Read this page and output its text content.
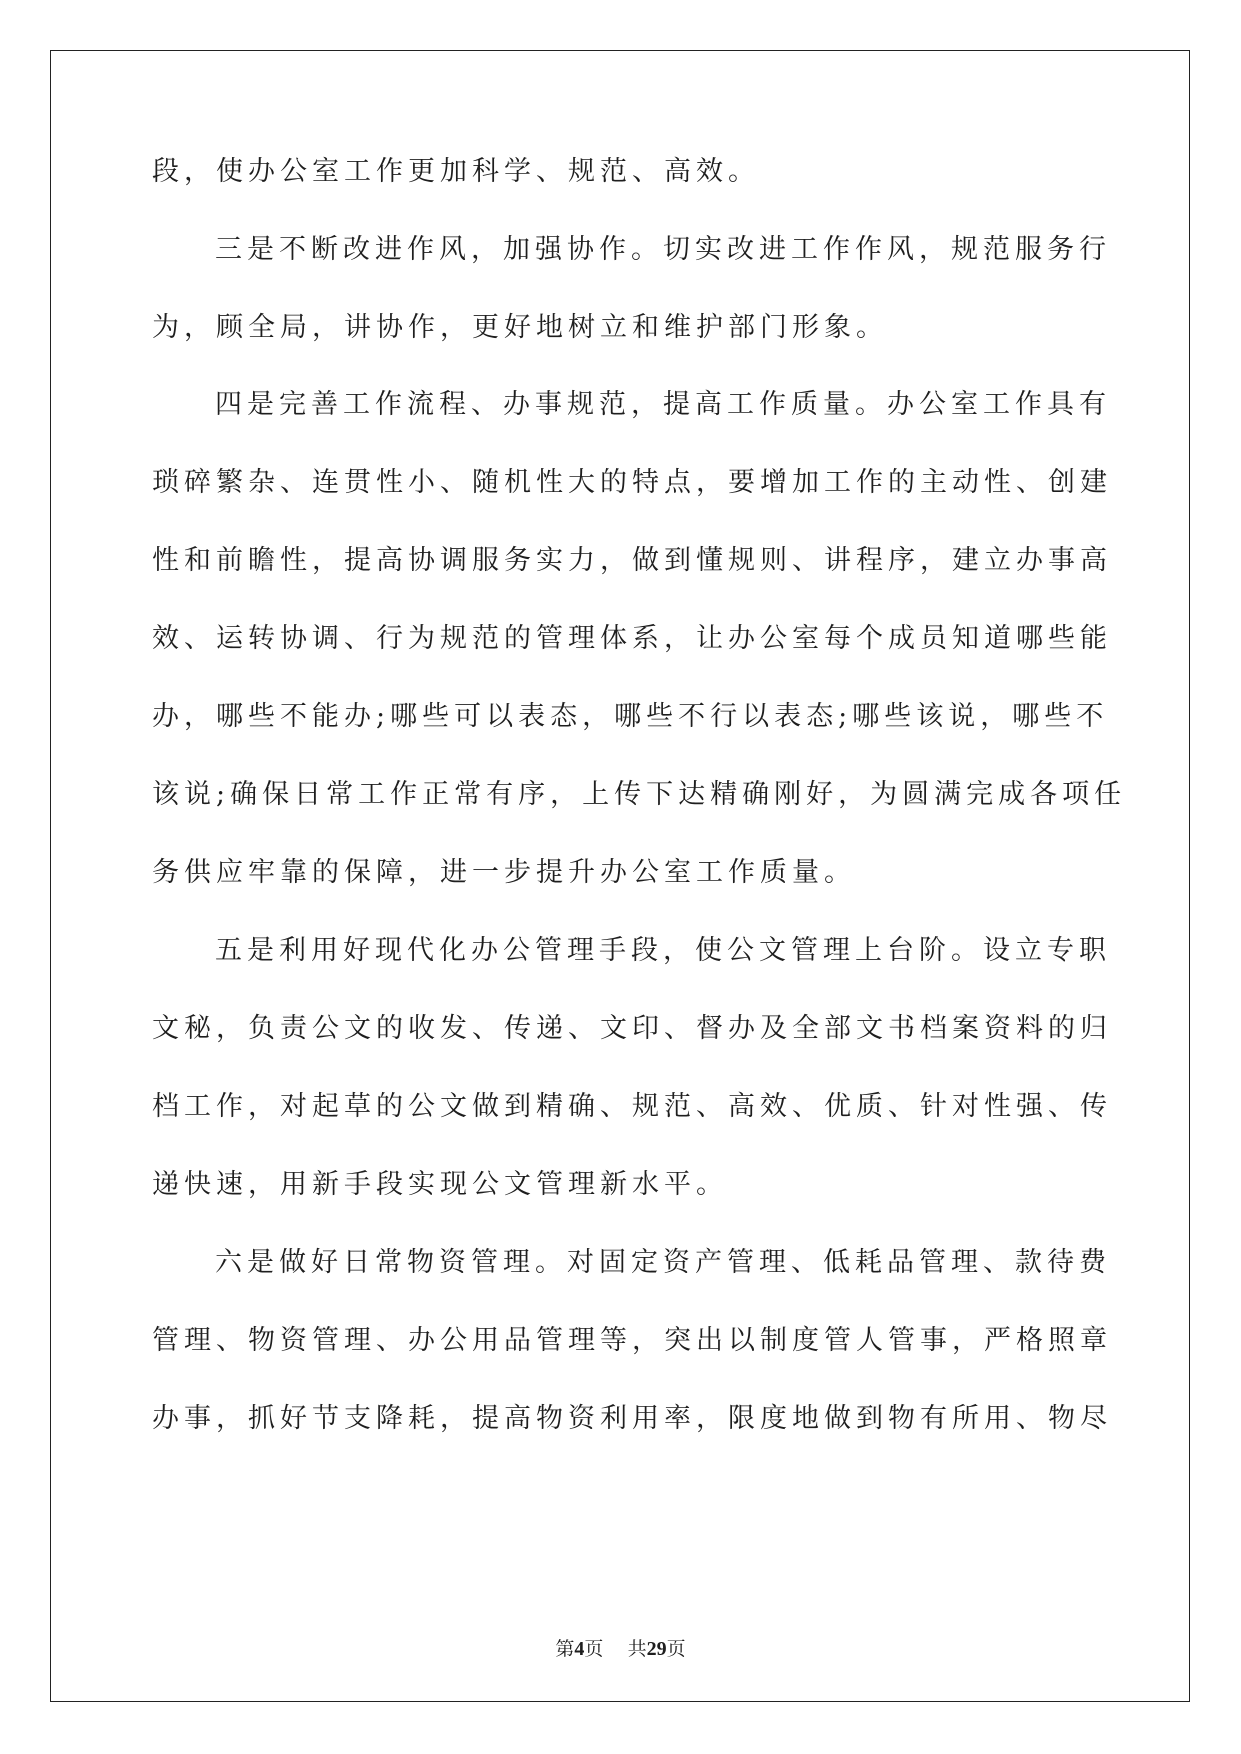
段，使办公室工作更加科学、规范、高效。
三是不断改进作风，加强协作。切实改进工作作风，规范服务行
为，顾全局，讲协作，更好地树立和维护部门形象。
四是完善工作流程、办事规范，提高工作质量。办公室工作具有
琐碎繁杂、连贯性小、随机性大的特点，要增加工作的主动性、创建
性和前瞻性，提高协调服务实力，做到懂规则、讲程序，建立办事高
效、运转协调、行为规范的管理体系，让办公室每个成员知道哪些能
办，哪些不能办;哪些可以表态，哪些不行以表态;哪些该说，哪些不
该说;确保日常工作正常有序，上传下达精确刚好，为圆满完成各项任
务供应牢靠的保障，进一步提升办公室工作质量。
五是利用好现代化办公管理手段，使公文管理上台阶。设立专职
文秘，负责公文的收发、传递、文印、督办及全部文书档案资料的归
档工作，对起草的公文做到精确、规范、高效、优质、针对性强、传
递快速，用新手段实现公文管理新水平。
六是做好日常物资管理。对固定资产管理、低耗品管理、款待费
管理、物资管理、办公用品管理等，突出以制度管人管事，严格照章
办事，抓好节支降耗，提高物资利用率，限度地做到物有所用、物尽
第4页 共29页
